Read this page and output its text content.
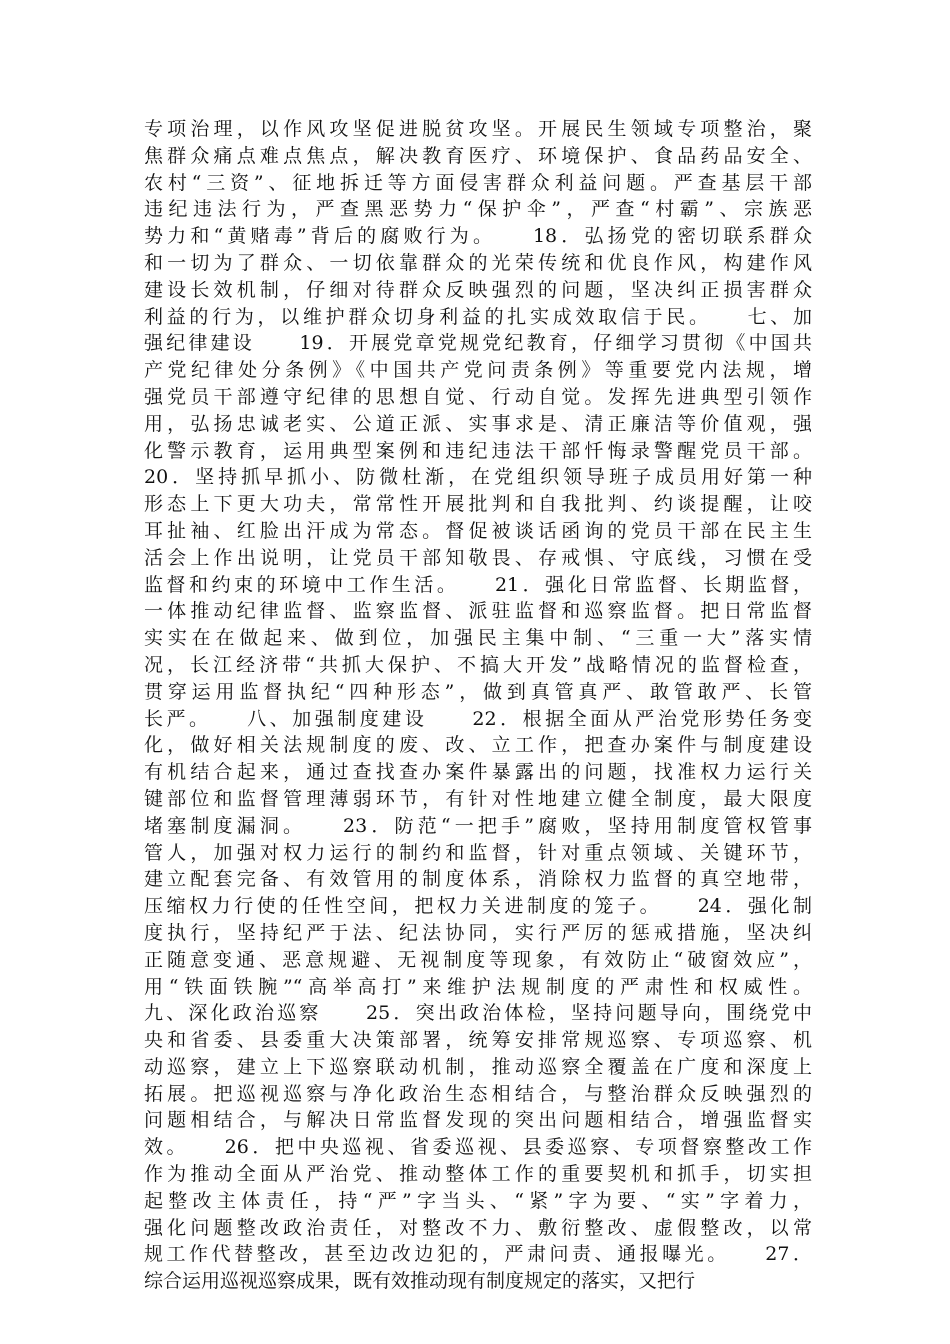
专项治理，以作风攻坚促进脱贫攻坚。开展民生领域专项整治，聚
焦群众痛点难点焦点，解决教育医疗、环境保护、食品药品安全、
农村“三资”、征地拆迁等方面侵害群众利益问题。严查基层干部
违纪违法行为，严查黑恶势力“保护伞”，严查“村霸”、宗族恶
势力和“黄赌毒”背后的腐败行为。　　18．弘扬党的密切联系群众
和一切为了群众、一切依靠群众的光荣传统和优良作风，构建作风
建设长效机制，仔细对待群众反映强烈的问题，坚决纠正损害群众
利益的行为，以维护群众切身利益的扎实成效取信于民。　　七、加
强纪律建设　　19．开展党章党规党纪教育，仔细学习贯彻《中国共
产党纪律处分条例》《中国共产党问责条例》等重要党内法规，增
强党员干部遵守纪律的思想自觉、行动自觉。发挥先进典型引领作
用，弘扬忠诚老实、公道正派、实事求是、清正廉洁等价值观，强
化警示教育，运用典型案例和违纪违法干部忏悔录警醒党员干部。
20．坚持抓早抓小、防微杜渐，在党组织领导班子成员用好第一种
形态上下更大功夫，常常性开展批判和自我批判、约谈提醒，让咬
耳扯袖、红脸出汗成为常态。督促被谈话函询的党员干部在民主生
活会上作出说明，让党员干部知敬畏、存戒惧、守底线，习惯在受
监督和约束的环境中工作生活。　　21．强化日常监督、长期监督，
一体推动纪律监督、监察监督、派驻监督和巡察监督。把日常监督
实实在在做起来、做到位，加强民主集中制、“三重一大”落实情
况，长江经济带“共抓大保护、不搞大开发”战略情况的监督检查，
贯穿运用监督执纪“四种形态”，做到真管真严、敢管敢严、长管
长严。　　八、加强制度建设　　22．根据全面从严治党形势任务变
化，做好相关法规制度的废、改、立工作，把查办案件与制度建设
有机结合起来，通过查找查办案件暴露出的问题，找准权力运行关
键部位和监督管理薄弱环节，有针对性地建立健全制度，最大限度
堵塞制度漏洞。　　23．防范“一把手”腐败，坚持用制度管权管事
管人，加强对权力运行的制约和监督，针对重点领域、关键环节，
建立配套完备、有效管用的制度体系，消除权力监督的真空地带，
压缩权力行使的任性空间，把权力关进制度的笼子。　　24．强化制
度执行，坚持纪严于法、纪法协同，实行严厉的惩戒措施，坚决纠
正随意变通、恶意规避、无视制度等现象，有效防止“破窗效应”，
用“铁面铁腕”“高举高打”来维护法规制度的严肃性和权威性。
九、深化政治巡察　　25．突出政治体检，坚持问题导向，围绕党中
央和省委、县委重大决策部署，统筹安排常规巡察、专项巡察、机
动巡察，建立上下巡察联动机制，推动巡察全覆盖在广度和深度上
拓展。把巡视巡察与净化政治生态相结合，与整治群众反映强烈的
问题相结合，与解决日常监督发现的突出问题相结合，增强监督实
效。　　26．把中央巡视、省委巡视、县委巡察、专项督察整改工作
作为推动全面从严治党、推动整体工作的重要契机和抓手，切实担
起整改主体责任，持“严”字当头、“紧”字为要、“实”字着力，
强化问题整改政治责任，对整改不力、敷衍整改、虚假整改，以常
规工作代替整改，甚至边改边犯的，严肃问责、通报曝光。　　27．
综合运用巡视巡察成果，既有效推动现有制度规定的落实，又把行
